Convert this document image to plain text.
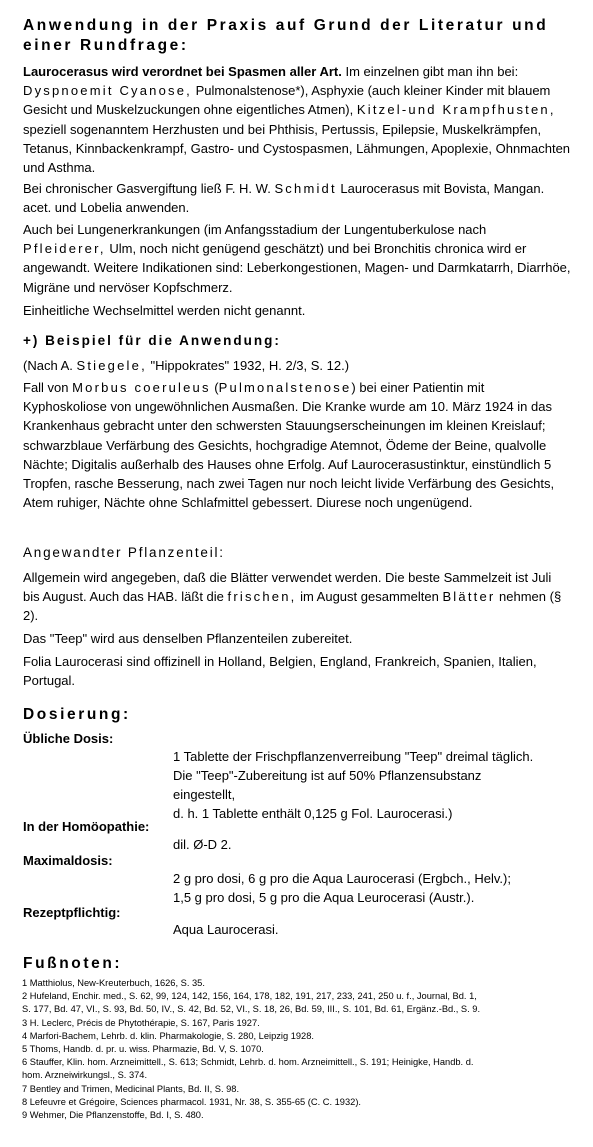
Anwendung in der Praxis auf Grund der Literatur und einer Rundfrage:

Laurocerasus wird verordnet bei Spasmen aller Art. Im einzelnen gibt man ihn bei: Dyspnoemit Cyanose, Pulmonalstenose*), Asphyxie (auch kleiner Kinder mit blauem Gesicht und Muskelzuckungen ohne eigentliches Atmen), Kitzel-und Krampfhusten, speziell sogenanntem Herzhusten und bei Phthisis, Pertussis, Epilepsie, Muskelkrämpfen, Tetanus, Kinnbackenkrampf, Gastro- und Cystospasmen, Lähmungen, Apoplexie, Ohnmachten und Asthma.

Bei chronischer Gasvergiftung ließ F. H. W. Schmidt Laurocerasus mit Bovista, Mangan. acet. und Lobelia anwenden.

Auch bei Lungenerkrankungen (im Anfangsstadium der Lungentuberkulose nach Pfleiderer, Ulm, noch nicht genügend geschätzt) und bei Bronchitis chronica wird er angewandt. Weitere Indikationen sind: Leberkongestionen, Magen- und Darmkatarrh, Diarrhöe, Migräne und nervöser Kopfschmerz.

Einheitliche Wechselmittel werden nicht genannt.

+) Beispiel für die Anwendung:

(Nach A. Stiegele, "Hippokrates" 1932, H. 2/3, S. 12.)

Fall von Morbus coeruleus (Pulmonalstenose) bei einer Patientin mit Kyphoskoliose von ungewöhnlichen Ausmaßen. Die Kranke wurde am 10. März 1924 in das Krankenhaus gebracht unter den schwersten Stauungserscheinungen im kleinen Kreislauf; schwarzblaue Verfärbung des Gesichts, hochgradige Atemnot, Ödeme der Beine, qualvolle Nächte; Digitalis außerhalb des Hauses ohne Erfolg. Auf Laurocerasustinktur, einstündlich 5 Tropfen, rasche Besserung, nach zwei Tagen nur noch leicht livide Verfärbung des Gesichts, Atem ruhiger, Nächte ohne Schlafmittel gebessert. Diurese noch ungenügend.

Angewandter Pflanzenteil:

Allgemein wird angegeben, daß die Blätter verwendet werden. Die beste Sammelzeit ist Juli bis August. Auch das HAB. läßt die frischen, im August gesammelten Blätter nehmen (§ 2).

Das "Teep" wird aus denselben Pflanzenteilen zubereitet.

Folia Laurocerasi sind offizinell in Holland, Belgien, England, Frankreich, Spanien, Italien, Portugal.

Dosierung:
Übliche Dosis:
1 Tablette der Frischpflanzenverreibung "Teep" dreimal täglich.
Die "Teep"-Zubereitung ist auf 50% Pflanzensubstanz
eingestellt,
d. h. 1 Tablette enthält 0,125 g Fol. Laurocerasi.)
In der Homöopathie:
dil. Ø-D 2.
Maximaldosis:
2 g pro dosi, 6 g pro die Aqua Laurocerasi (Ergbch., Helv.);
1,5 g pro dosi, 5 g pro die Aqua Leurocerasi (Austr.).
Rezeptpflichtig:
Aqua Laurocerasi.
Fußnoten:
1 Matthiolus, New-Kreuterbuch, 1626, S. 35.
2 Hufeland, Enchir. med., S. 62, 99, 124, 142, 156, 164, 178, 182, 191, 217, 233, 241, 250 u. f., Journal, Bd. 1,
S. 177, Bd. 47, VI., S. 93, Bd. 50, IV., S. 42, Bd. 52, VI., S. 18, 26, Bd. 59, III., S. 101, Bd. 61, Ergänz.-Bd., S. 9.
3 H. Leclerc, Précis de Phytothérapie, S. 167, Paris 1927.
4 Marfori-Bachem, Lehrb. d. klin. Pharmakologie, S. 280, Leipzig 1928.
5 Thoms, Handb. d. pr. u. wiss. Pharmazie, Bd. V, S. 1070.
6 Stauffer, Klin. hom. Arzneimittell., S. 613; Schmidt, Lehrb. d. hom. Arzneimittell., S. 191; Heinigke, Handb. d.
hom. Arzneiwirkungsl., S. 374.
7 Bentley and Trimen, Medicinal Plants, Bd. II, S. 98.
8 Lefeuvre et Grégoire, Sciences pharmacol. 1931, Nr. 38, S. 355-65 (C. C. 1932).
9 Wehmer, Die Pflanzenstoffe, Bd. I, S. 480.
